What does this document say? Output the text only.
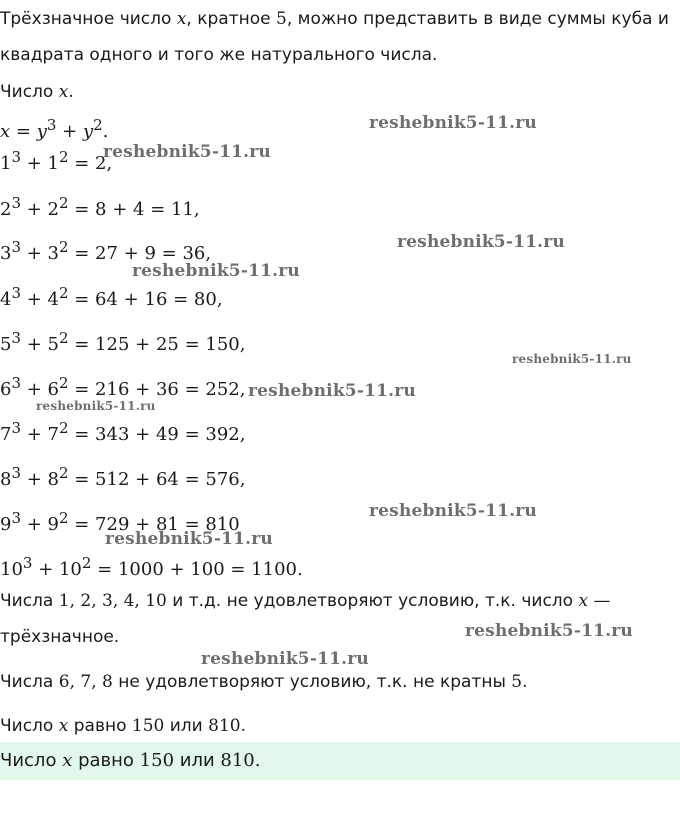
Трёхзначное число x, кратное 5, можно представить в виде суммы куба и
квадрата одного и того же натурального числа.
Число x.
$x = y^3 + y^2$.
$1^3 + 1^2 = 2$,
$2^3 + 2^2 = 8 + 4 = 11$,
$3^3 + 3^2 = 27 + 9 = 36$,
$4^3 + 4^2 = 64 + 16 = 80$,
$5^3 + 5^2 = 125 + 25 = 150$,
$6^3 + 6^2 = 216 + 36 = 252$,
$7^3 + 7^2 = 343 + 49 = 392$,
$8^3 + 8^2 = 512 + 64 = 576$,
$9^3 + 9^2 = 729 + 81 = 810$
$10^3 + 10^2 = 1000 + 100 = 1100$.
Числа 1, 2, 3, 4, 10 и т.д. не удовлетворяют условию, т.к. число x —
трёхзначное.
Числа 6, 7, 8 не удовлетворяют условию, т.к. не кратны 5.
Число x равно 150 или 810.
Число x равно 150 или 810.
reshebnik5-11.ru
reshebnik5-11.ru
reshebnik5-11.ru
reshebnik5-11.ru
reshebnik5-11.ru
reshebnik5-11.ru
reshebnik5-11.ru
reshebnik5-11.ru
reshebnik5-11.ru
reshebnik5-11.ru
reshebnik5-11.ru
